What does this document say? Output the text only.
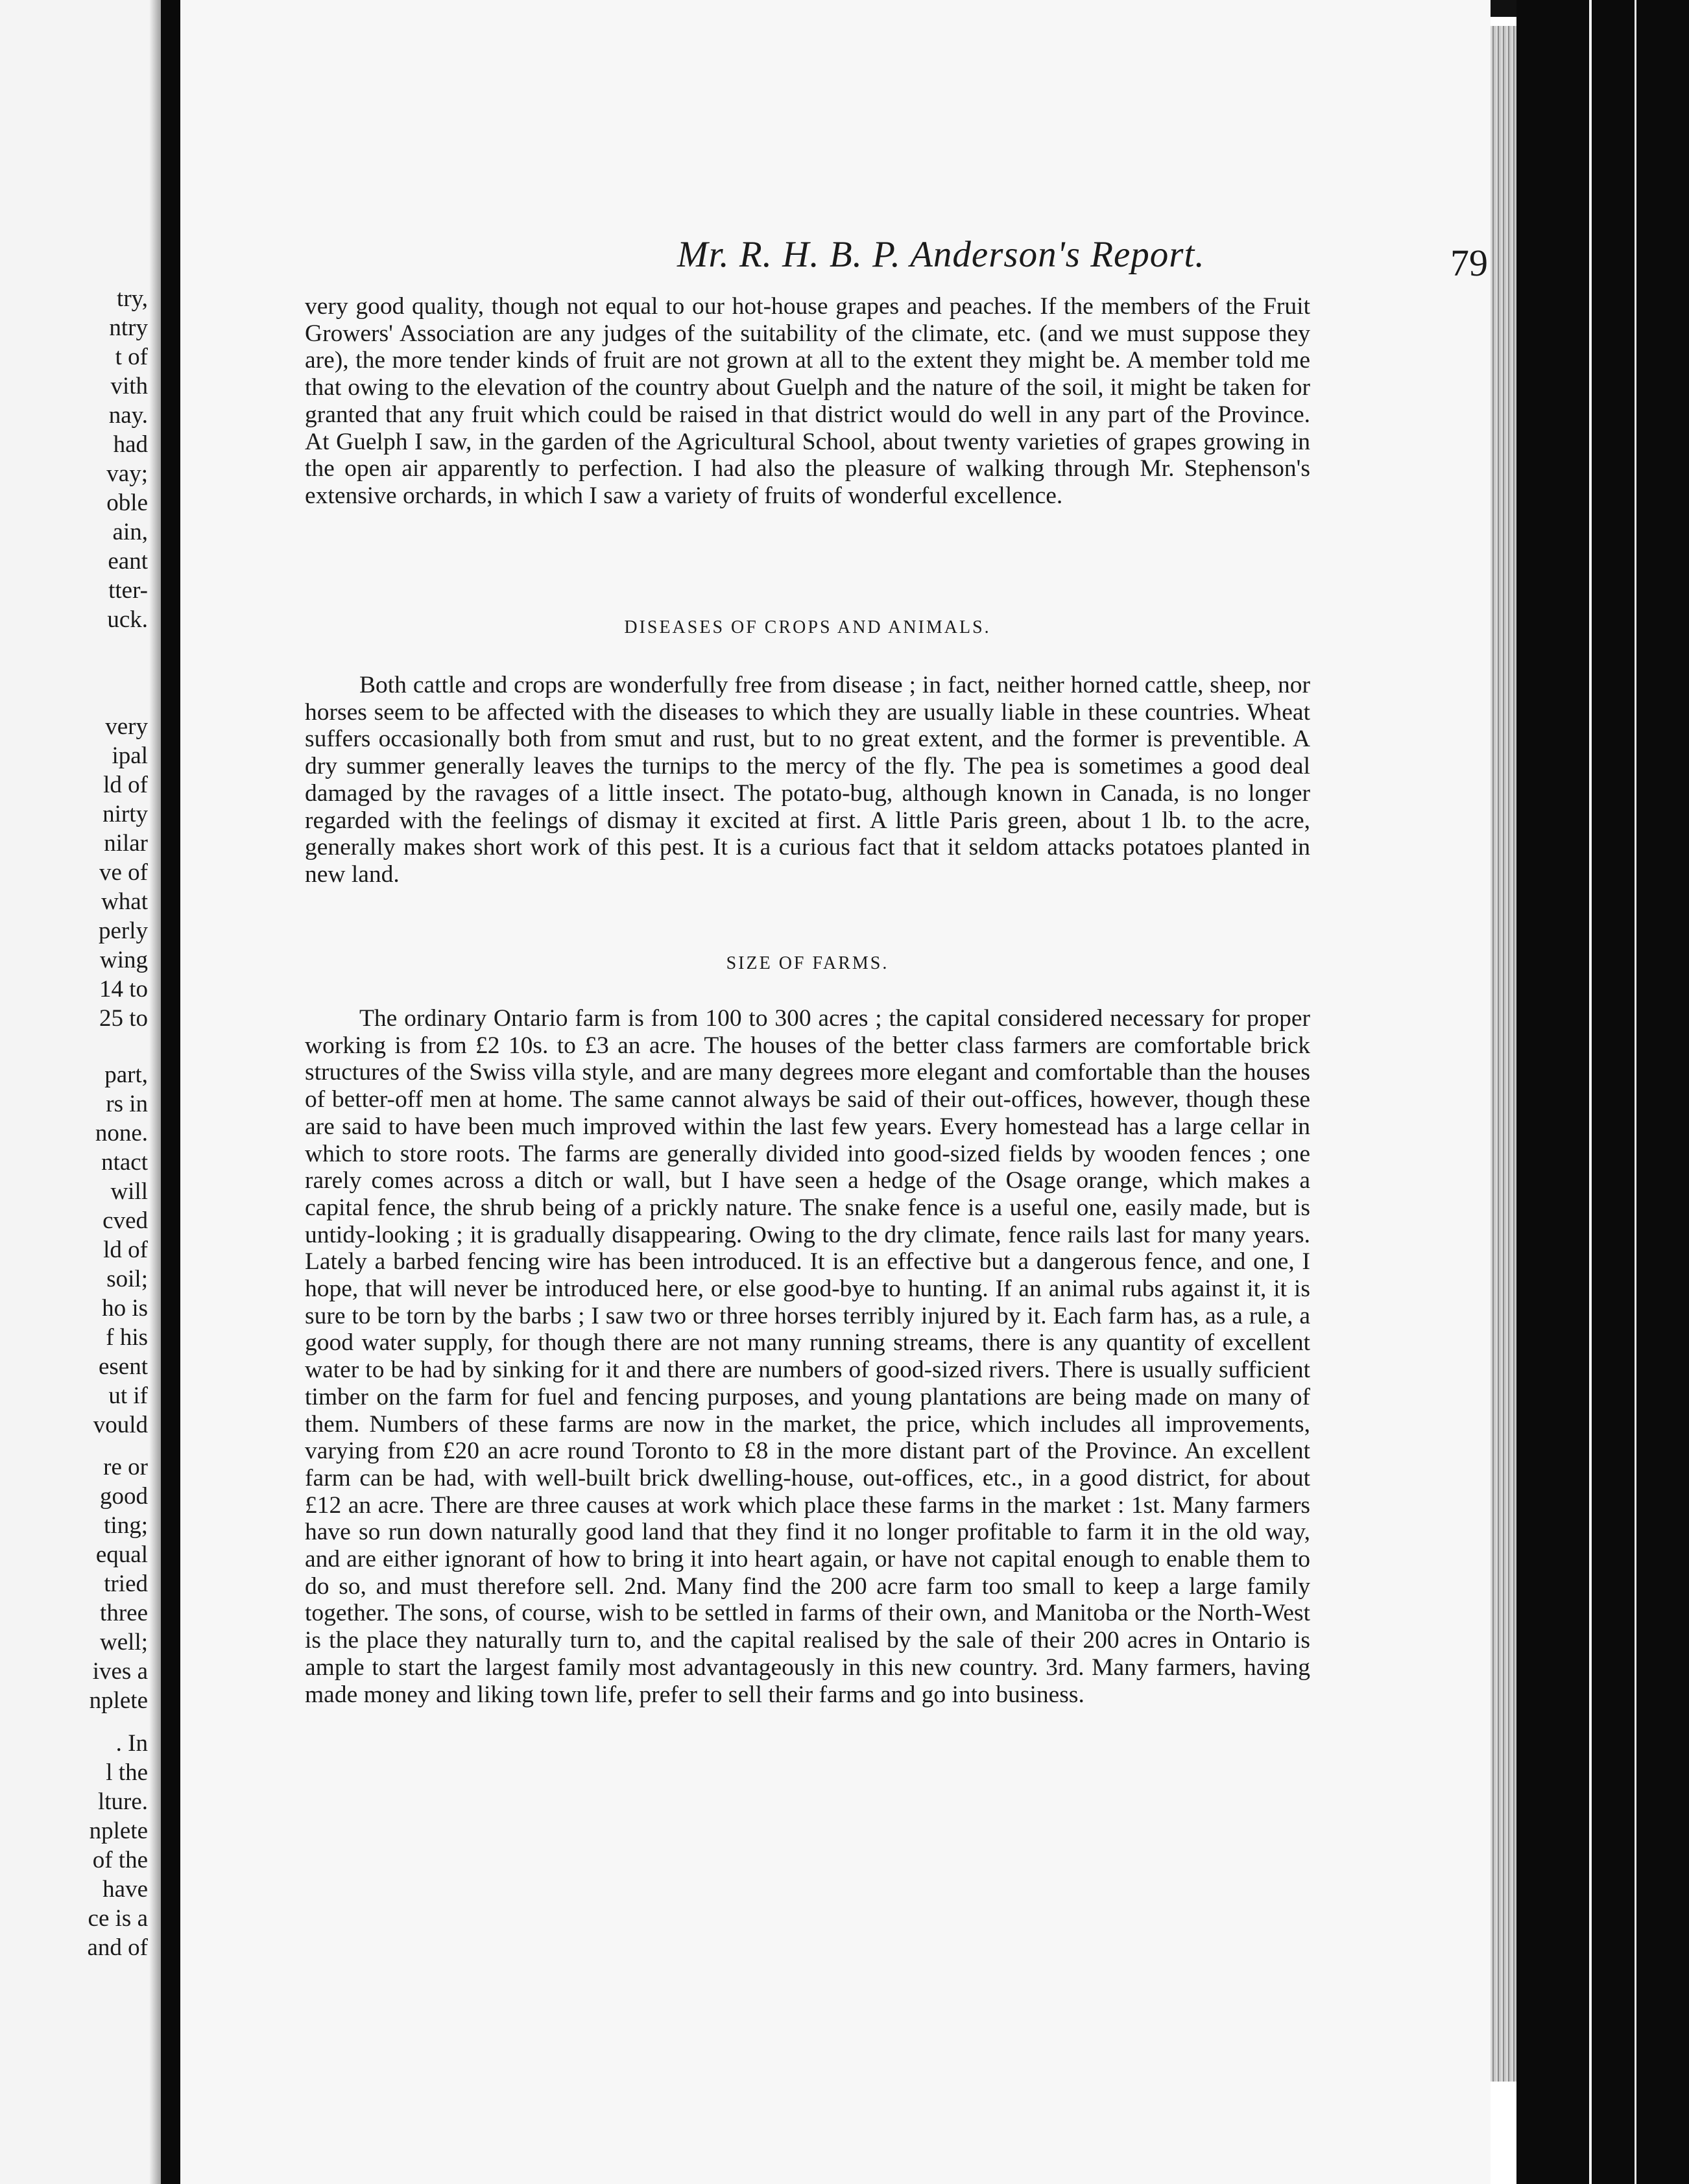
try,
ntry
t of
vith
nay.
had
vay;
oble
ain,
eant
tter-
uck.
very
ipal
ld of
nirty
nilar
ve of
what
perly
wing
14 to
25 to
part,
rs in
none.
ntact
will
cved
ld of
soil;
ho is
f his
esent
ut if
vould
re or
good
ting;
equal
tried
three
well;
ives a
nplete
. In
l the
lture.
nplete
of the
have
ce is a
and of
Mr. R. H. B. P. Anderson's Report.	79

very good quality, though not equal to our hot-house grapes and peaches. If the members of the Fruit Growers' Association are any judges of the suitability of the climate, etc. (and we must suppose they are), the more tender kinds of fruit are not grown at all to the extent they might be. A member told me that owing to the elevation of the country about Guelph and the nature of the soil, it might be taken for granted that any fruit which could be raised in that district would do well in any part of the Province. At Guelph I saw, in the garden of the Agricultural School, about twenty varieties of grapes growing in the open air apparently to perfection. I had also the pleasure of walking through Mr. Stephenson's extensive orchards, in which I saw a variety of fruits of wonderful excellence.

DISEASES OF CROPS AND ANIMALS.

Both cattle and crops are wonderfully free from disease ; in fact, neither horned cattle, sheep, nor horses seem to be affected with the diseases to which they are usually liable in these countries. Wheat suffers occasionally both from smut and rust, but to no great extent, and the former is preventible. A dry summer generally leaves the turnips to the mercy of the fly. The pea is sometimes a good deal damaged by the ravages of a little insect. The potato-bug, although known in Canada, is no longer regarded with the feelings of dismay it excited at first. A little Paris green, about 1 lb. to the acre, generally makes short work of this pest. It is a curious fact that it seldom attacks potatoes planted in new land.

SIZE OF FARMS.

The ordinary Ontario farm is from 100 to 300 acres ; the capital considered necessary for proper working is from £2 10s. to £3 an acre. The houses of the better class farmers are comfortable brick structures of the Swiss villa style, and are many degrees more elegant and comfortable than the houses of better-off men at home. The same cannot always be said of their out-offices, however, though these are said to have been much improved within the last few years. Every homestead has a large cellar in which to store roots. The farms are generally divided into good-sized fields by wooden fences ; one rarely comes across a ditch or wall, but I have seen a hedge of the Osage orange, which makes a capital fence, the shrub being of a prickly nature. The snake fence is a useful one, easily made, but is untidy-looking ; it is gradually disappearing. Owing to the dry climate, fence rails last for many years. Lately a barbed fencing wire has been introduced. It is an effective but a dangerous fence, and one, I hope, that will never be introduced here, or else good-bye to hunting. If an animal rubs against it, it is sure to be torn by the barbs ; I saw two or three horses terribly injured by it. Each farm has, as a rule, a good water supply, for though there are not many running streams, there is any quantity of excellent water to be had by sinking for it and there are numbers of good-sized rivers. There is usually sufficient timber on the farm for fuel and fencing purposes, and young plantations are being made on many of them. Numbers of these farms are now in the market, the price, which includes all improvements, varying from £20 an acre round Toronto to £8 in the more distant part of the Province. An excellent farm can be had, with well-built brick dwelling-house, out-offices, etc., in a good district, for about £12 an acre. There are three causes at work which place these farms in the market : 1st. Many farmers have so run down naturally good land that they find it no longer profitable to farm it in the old way, and are either ignorant of how to bring it into heart again, or have not capital enough to enable them to do so, and must therefore sell. 2nd. Many find the 200 acre farm too small to keep a large family together. The sons, of course, wish to be settled in farms of their own, and Manitoba or the North-West is the place they naturally turn to, and the capital realised by the sale of their 200 acres in Ontario is ample to start the largest family most advantageously in this new country. 3rd. Many farmers, having made money and liking town life, prefer to sell their farms and go into business.
